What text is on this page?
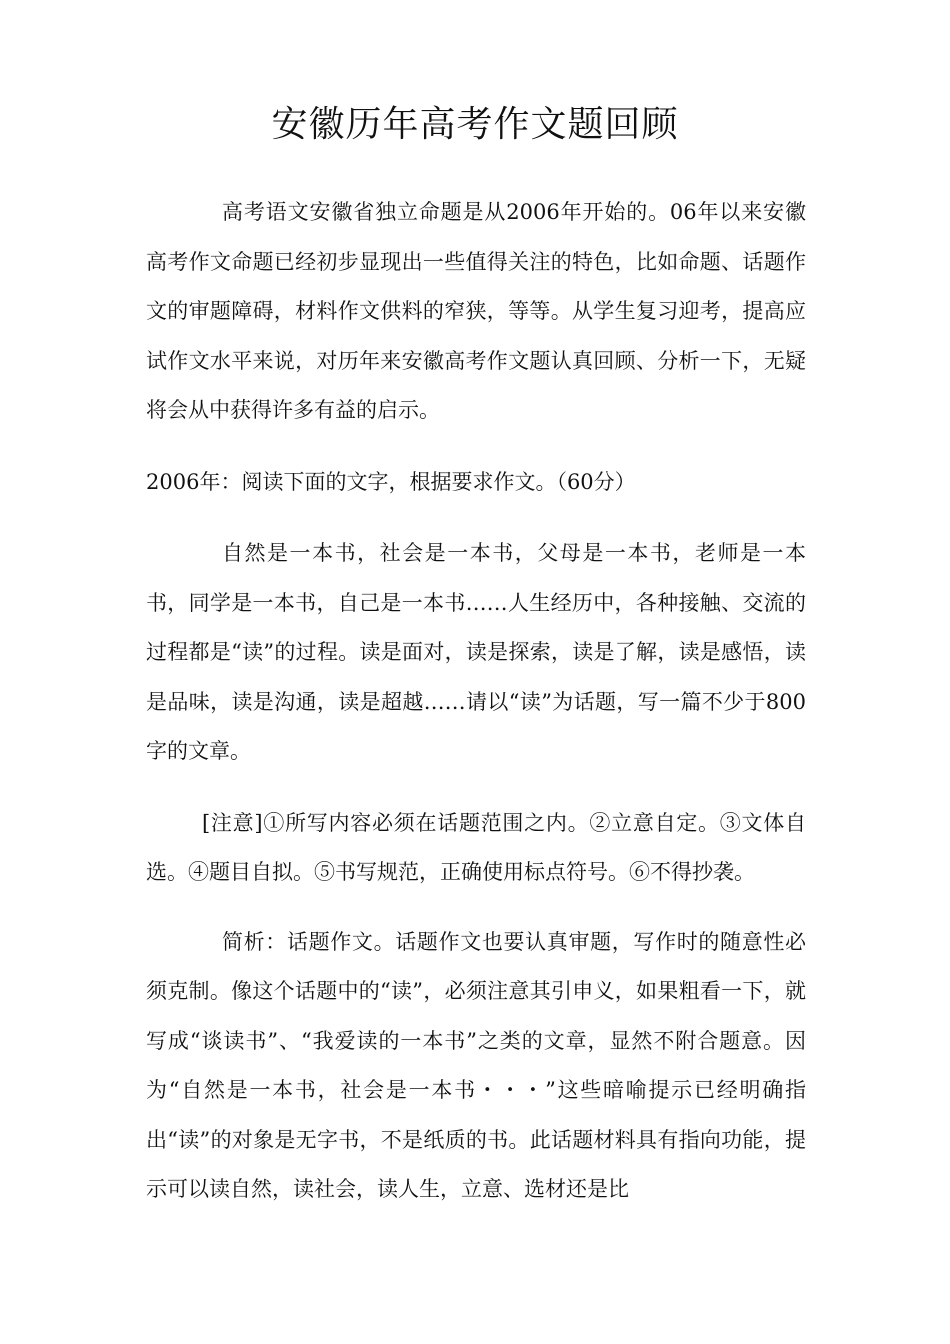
安徽历年高考作文题回顾

高考语文安徽省独立命题是从2006年开始的。06年以来安徽高考作文命题已经初步显现出一些值得关注的特色，比如命题、话题作文的审题障碍，材料作文供料的窄狭，等等。从学生复习迎考，提高应试作文水平来说，对历年来安徽高考作文题认真回顾、分析一下，无疑将会从中获得许多有益的启示。

2006年：阅读下面的文字，根据要求作文。（60分）

自然是一本书，社会是一本书，父母是一本书，老师是一本书，同学是一本书，自己是一本书……人生经历中，各种接触、交流的过程都是“读”的过程。读是面对，读是探索，读是了解，读是感悟，读是品味，读是沟通，读是超越……请以“读”为话题，写一篇不少于800字的文章。

[注意]①所写内容必须在话题范围之内。②立意自定。③文体自选。④题目自拟。⑤书写规范，正确使用标点符号。⑥不得抄袭。

简析：话题作文。话题作文也要认真审题，写作时的随意性必须克制。像这个话题中的“读”，必须注意其引申义，如果粗看一下，就写成“谈读书”、“我爱读的一本书”之类的文章，显然不附合题意。因为“自然是一本书，社会是一本书・・・”这些暗喻提示已经明确指出“读”的对象是无字书，不是纸质的书。此话题材料具有指向功能，提示可以读自然，读社会，读人生，立意、选材还是比
